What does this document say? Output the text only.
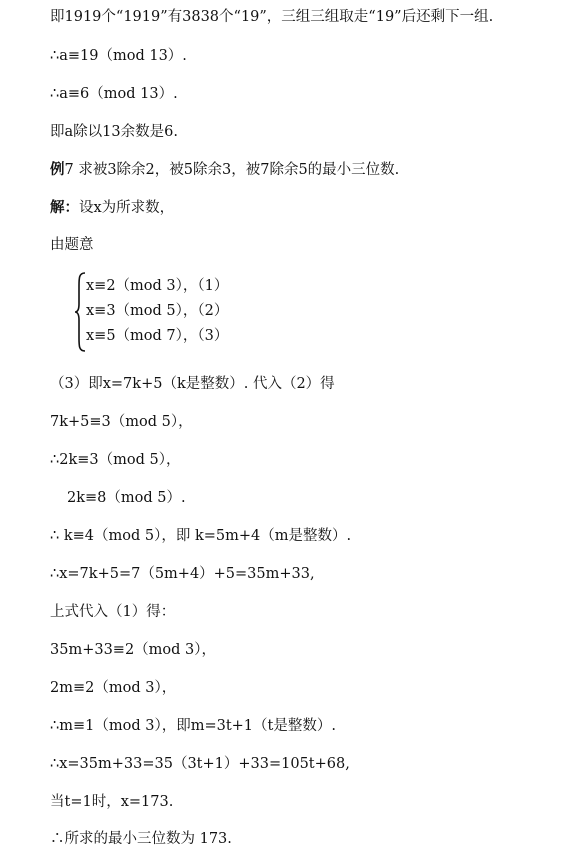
即1919个“1919”有3838个“19”，三组三组取走“19”后还剩下一组.
∴a≡19（mod 13）.
∴a≡6（mod 13）.
即a除以13余数是6.
例7 求被3除余2，被5除余3，被7除余5的最小三位数.
解：设x为所求数，
由题意
x≡2（mod 3），（1）
x≡3（mod 5），（2）
x≡5（mod 7），（3）
（3）即x=7k+5（k是整数）. 代入（2）得
7k+5≡3（mod 5），
∴2k≡3（mod 5），
2k≡8（mod 5）.
∴ k≡4（mod 5），即 k=5m+4（m是整数）.
∴x=7k+5=7（5m+4）+5=35m+33,
上式代入（1）得：
35m+33≡2（mod 3），
2m≡2（mod 3），
∴m≡1（mod 3），即m=3t+1（t是整数）.
∴x=35m+33=35（3t+1）+33=105t+68,
当t=1时，x=173.
∴所求的最小三位数为 173.
